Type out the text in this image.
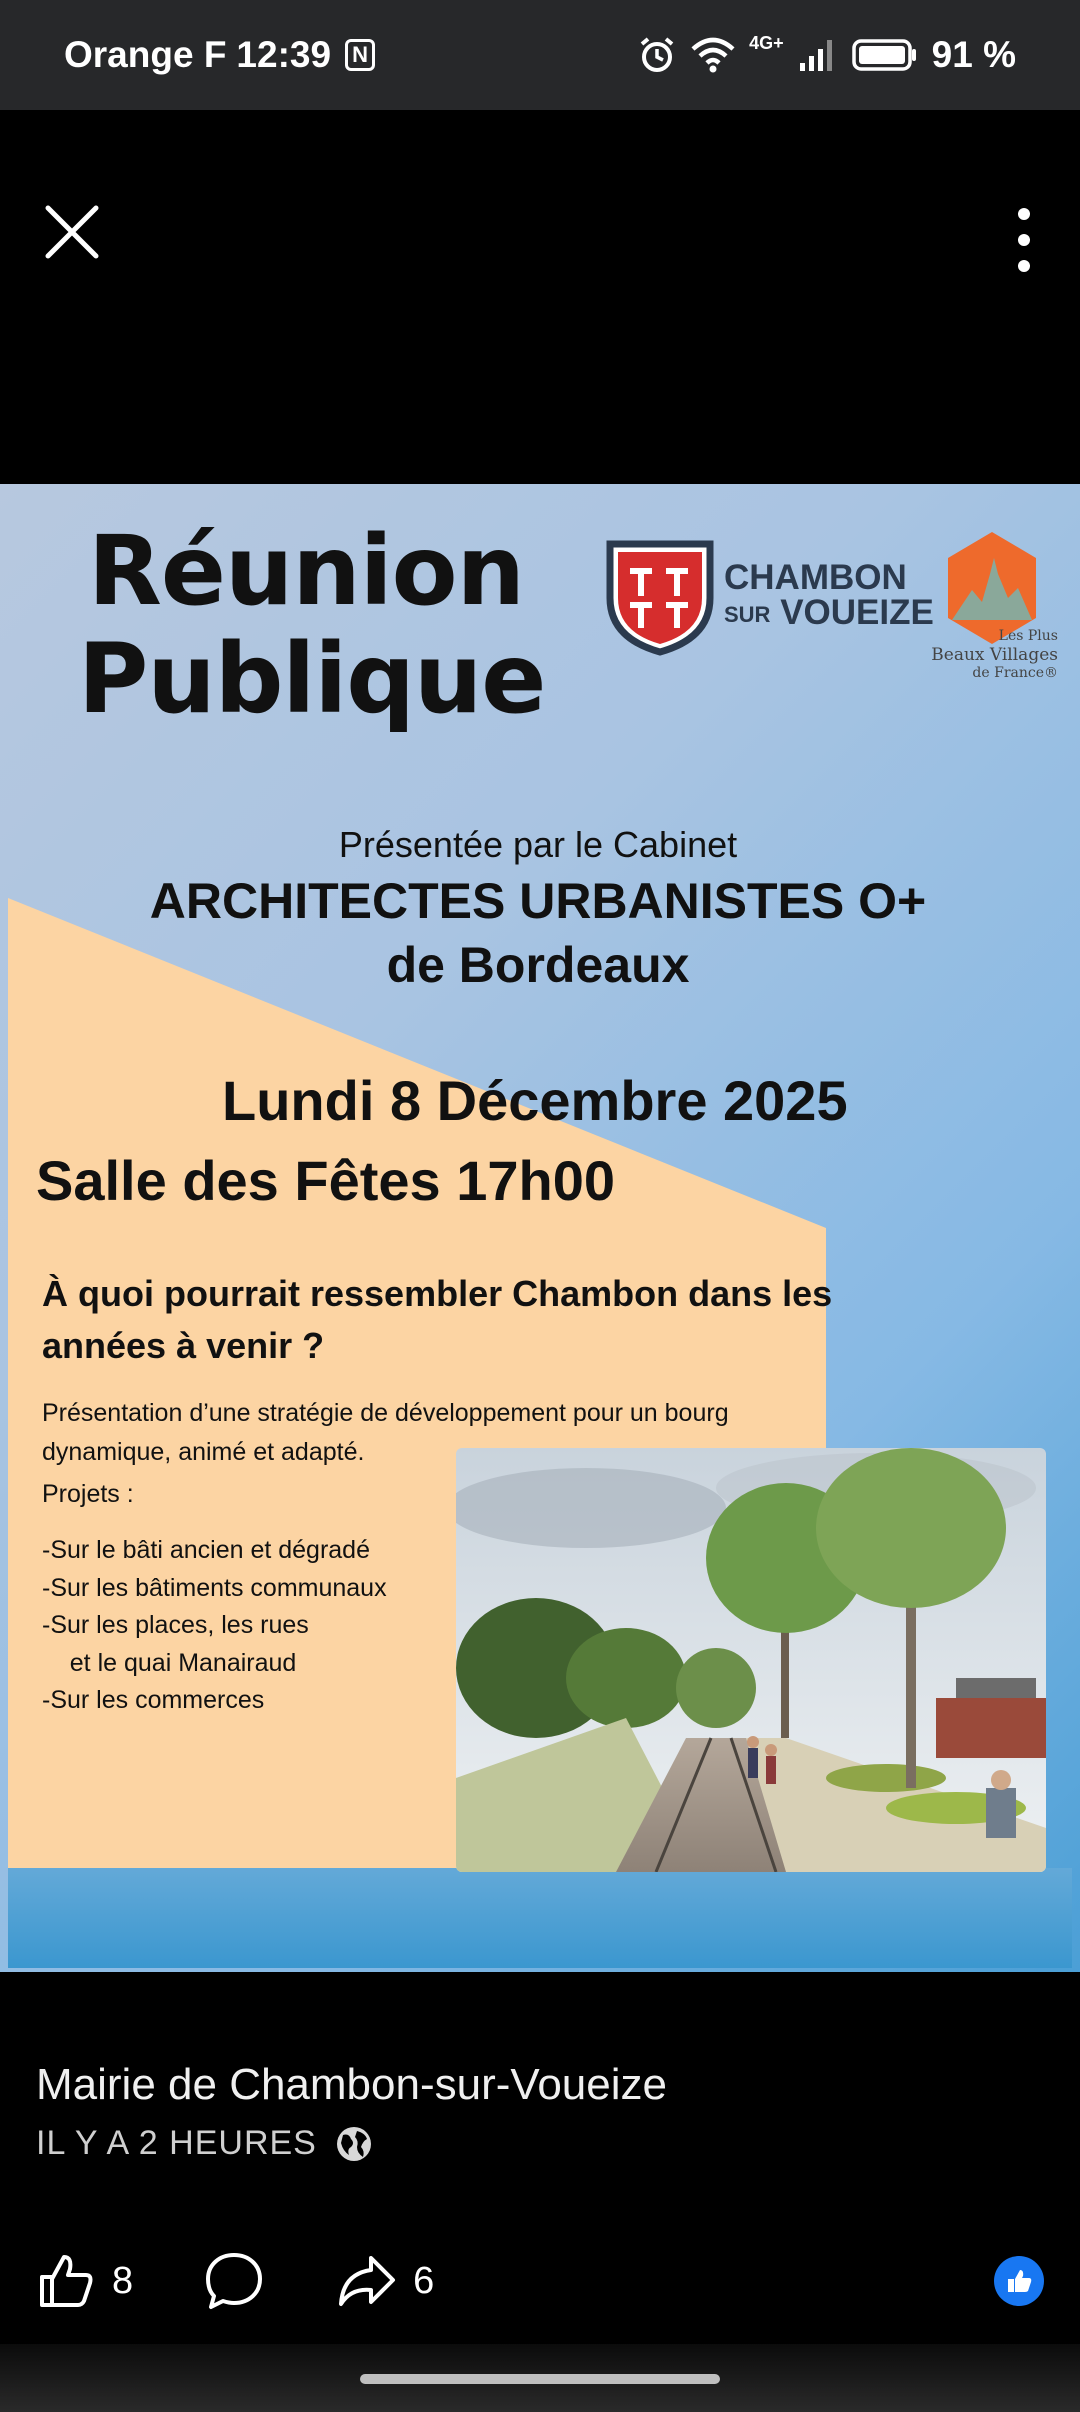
Orange F 12:39 N	4G+	91 %
Réunion
Publique
CHAMBON
SUR VOUEIZE
Les Plus
Beaux Villages
de France®
Présentée par le Cabinet
ARCHITECTES URBANISTES O+
de Bordeaux
Lundi 8 Décembre 2025
Salle des Fêtes 17h00
À quoi pourrait ressembler Chambon dans les années à venir ?
Présentation d’une stratégie de développement pour un bourg dynamique, animé et adapté.
Projets :
-Sur le bâti ancien et dégradé
-Sur les bâtiments communaux
-Sur les places, les rues
et le quai Manairaud
-Sur les commerces
Mairie de Chambon-sur-Voueize
IL Y A 2 HEURES
8	6
